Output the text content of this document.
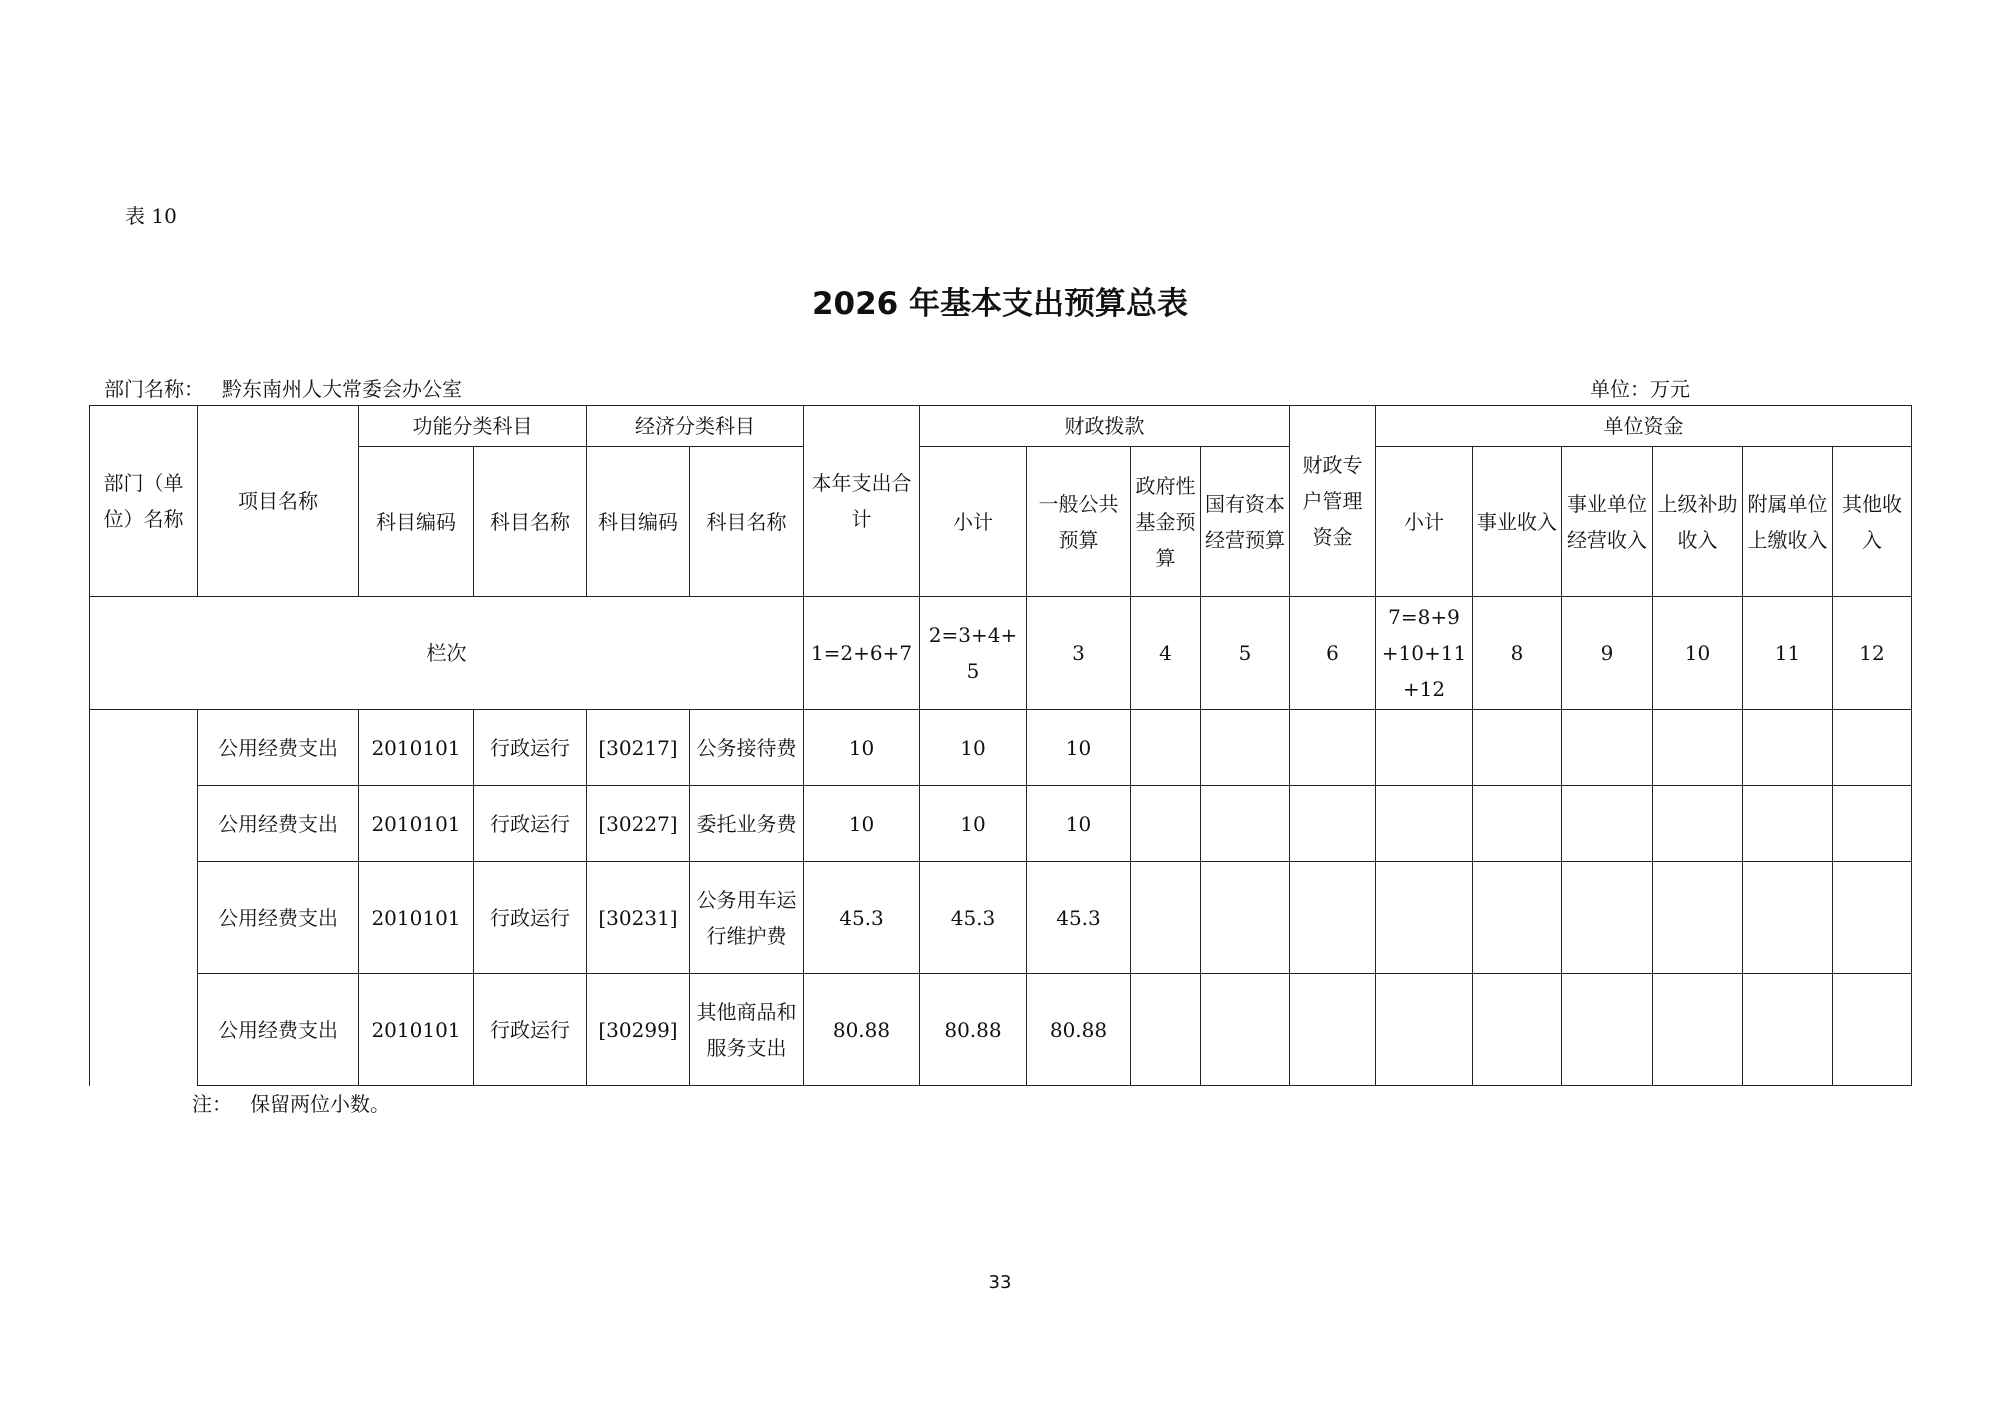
表 10
2026 年基本支出预算总表
部门名称： 黔东南州人大常委会办公室	单位：万元
部门（单位）名称	项目名称	功能分类科目		经济分类科目		本年支出合计	财政拨款				财政专户管理资金	单位资金					
		科目编码	科目名称	科目编码	科目名称		小计	一般公共预算	政府性基金预算	国有资本经营预算		小计	事业收入	事业单位经营收入	上级补助收入	附属单位上缴收入	其他收入
栏次						1=2+6+7	2=3+4+5	3	4	5	6	7=8+9+10+11+12	8	9	10	11	12
	公用经费支出	2010101	行政运行	[30217]	公务接待费	10	10	10									
	公用经费支出	2010101	行政运行	[30227]	委托业务费	10	10	10									
	公用经费支出	2010101	行政运行	[30231]	公务用车运行维护费	45.3	45.3	45.3									
	公用经费支出	2010101	行政运行	[30299]	其他商品和服务支出	80.88	80.88	80.88									
注： 保留两位小数。
33
